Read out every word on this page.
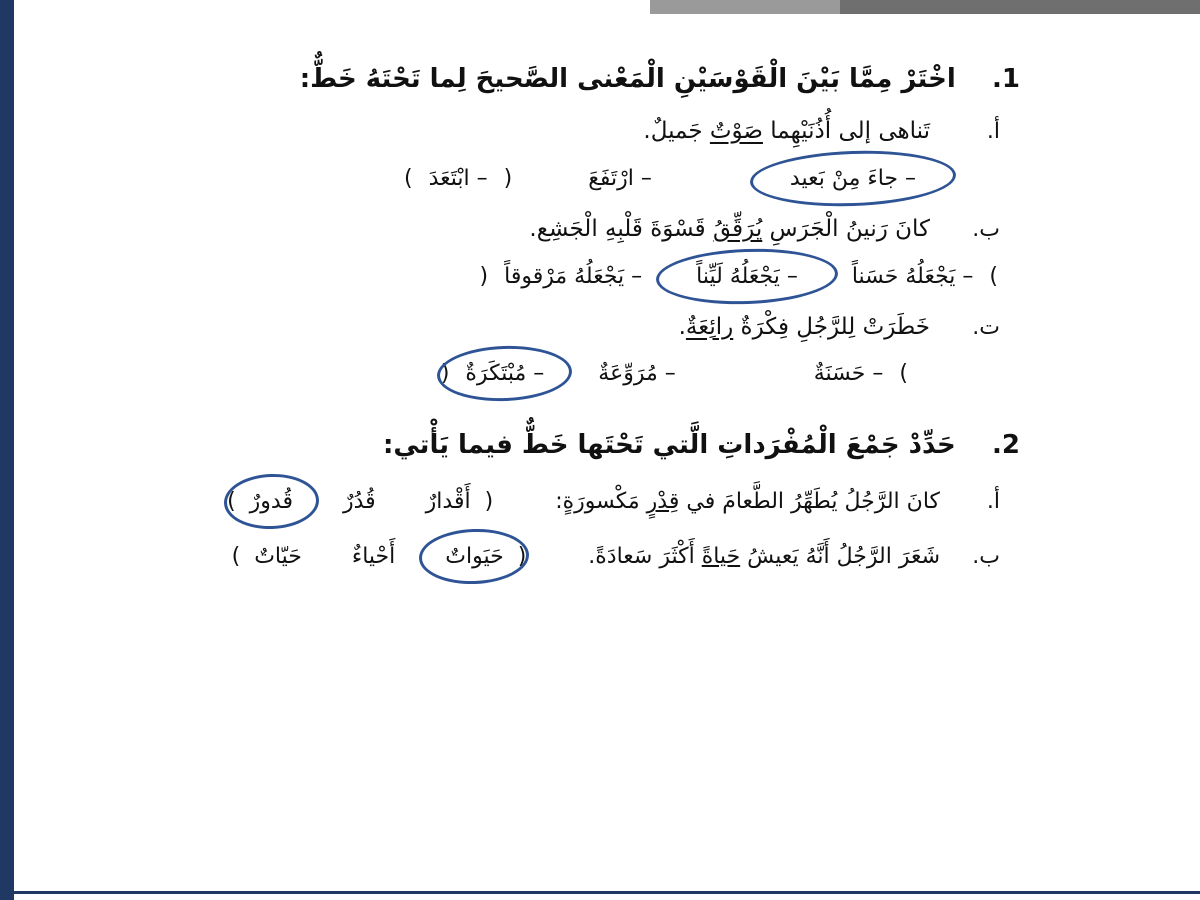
1.    اخْتَرْ مِمَّا بَيْنَ الْقَوْسَيْنِ الْمَعْنى الصَّحيحَ لِما تَحْتَهُ خَطٌّ:
أ.
تَناهى إلى أُذُنَيْهِما صَوْتٌ جَميلٌ.
– جاءَ مِنْ بَعيد
– ارْتَفَعَ
(
– ابْتَعَدَ
)
ب.
كانَ رَنينُ الْجَرَسِ يُرَقِّقُ قَسْوَةَ قَلْبِهِ الْجَشِع.
)
– يَجْعَلُهُ حَسَناً
– يَجْعَلُهُ لَيِّناً
– يَجْعَلُهُ مَرْقوقاً
(
ت.
خَطَرَتْ لِلرَّجُلِ فِكْرَةٌ رائِعَةٌ.
)
– حَسَنَةٌ
– مُرَوِّعَةٌ
– مُبْتَكَرَةٌ
(
2.    حَدِّدْ جَمْعَ الْمُفْرَداتِ الَّتي تَحْتَها خَطٌّ فيما يَأْتي:
أ.
كانَ الرَّجُلُ يُطَهِّرُ الطَّعامَ في قِدْرٍ مَكْسورَةٍ:
(
أَقْدارٌ
قُدُرٌ
قُدورٌ
)
ب.
شَعَرَ الرَّجُلُ أَنَّهُ يَعيشُ حَياةً أَكْثَرَ سَعادَةً.
(
حَيَواتٌ
أَحْياءٌ
حَيّاتٌ
)
